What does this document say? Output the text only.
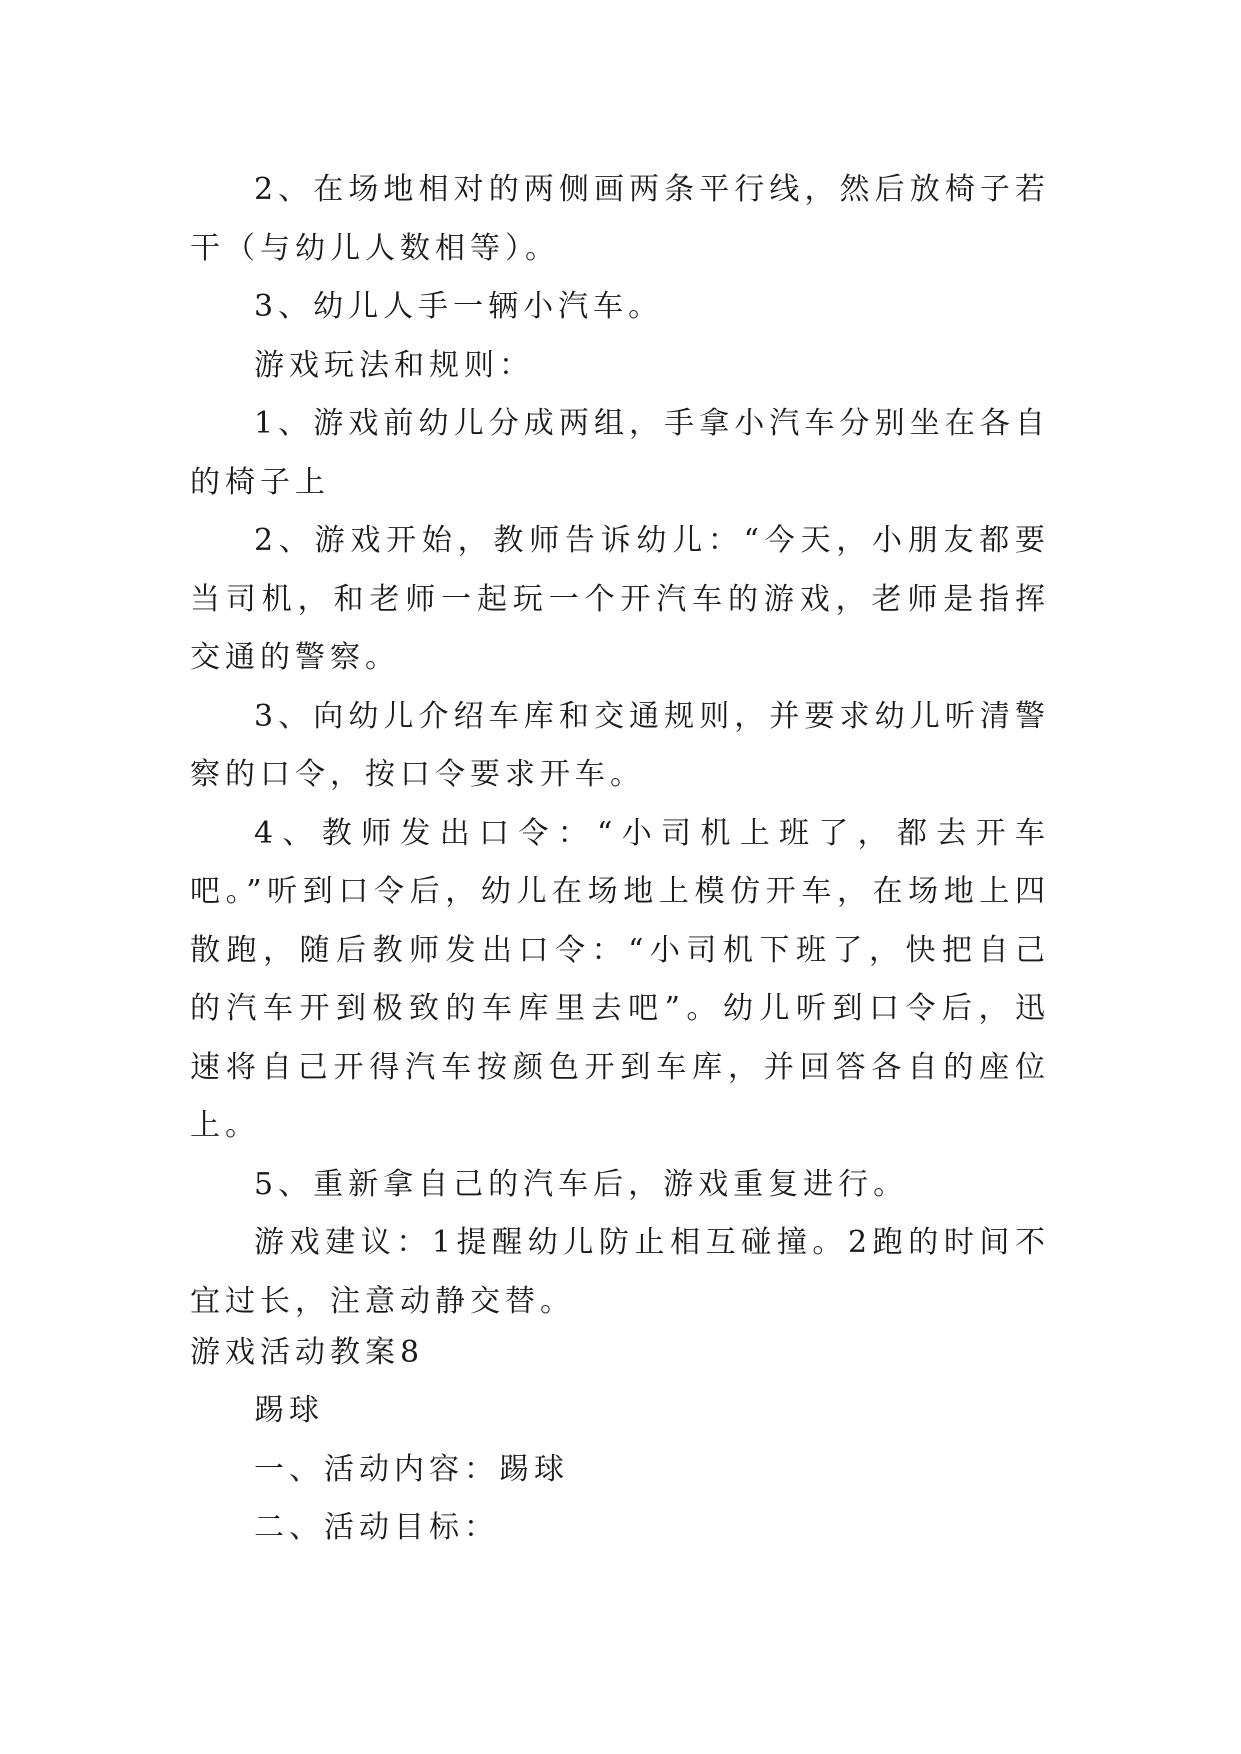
2、在场地相对的两侧画两条平行线，然后放椅子若干（与幼儿人数相等）。

3、幼儿人手一辆小汽车。

游戏玩法和规则：

1、游戏前幼儿分成两组，手拿小汽车分别坐在各自的椅子上

2、游戏开始，教师告诉幼儿：“今天，小朋友都要当司机，和老师一起玩一个开汽车的游戏，老师是指挥交通的警察。

3、向幼儿介绍车库和交通规则，并要求幼儿听清警察的口令，按口令要求开车。

4、教师发出口令：“小司机上班了，都去开车吧。”听到口令后，幼儿在场地上模仿开车，在场地上四散跑，随后教师发出口令：“小司机下班了，快把自己的汽车开到极致的车库里去吧”。幼儿听到口令后，迅速将自己开得汽车按颜色开到车库，并回答各自的座位上。

5、重新拿自己的汽车后，游戏重复进行。

游戏建议：1提醒幼儿防止相互碰撞。2跑的时间不宜过长，注意动静交替。

游戏活动教案8

踢球

一、活动内容：踢球

二、活动目标：
